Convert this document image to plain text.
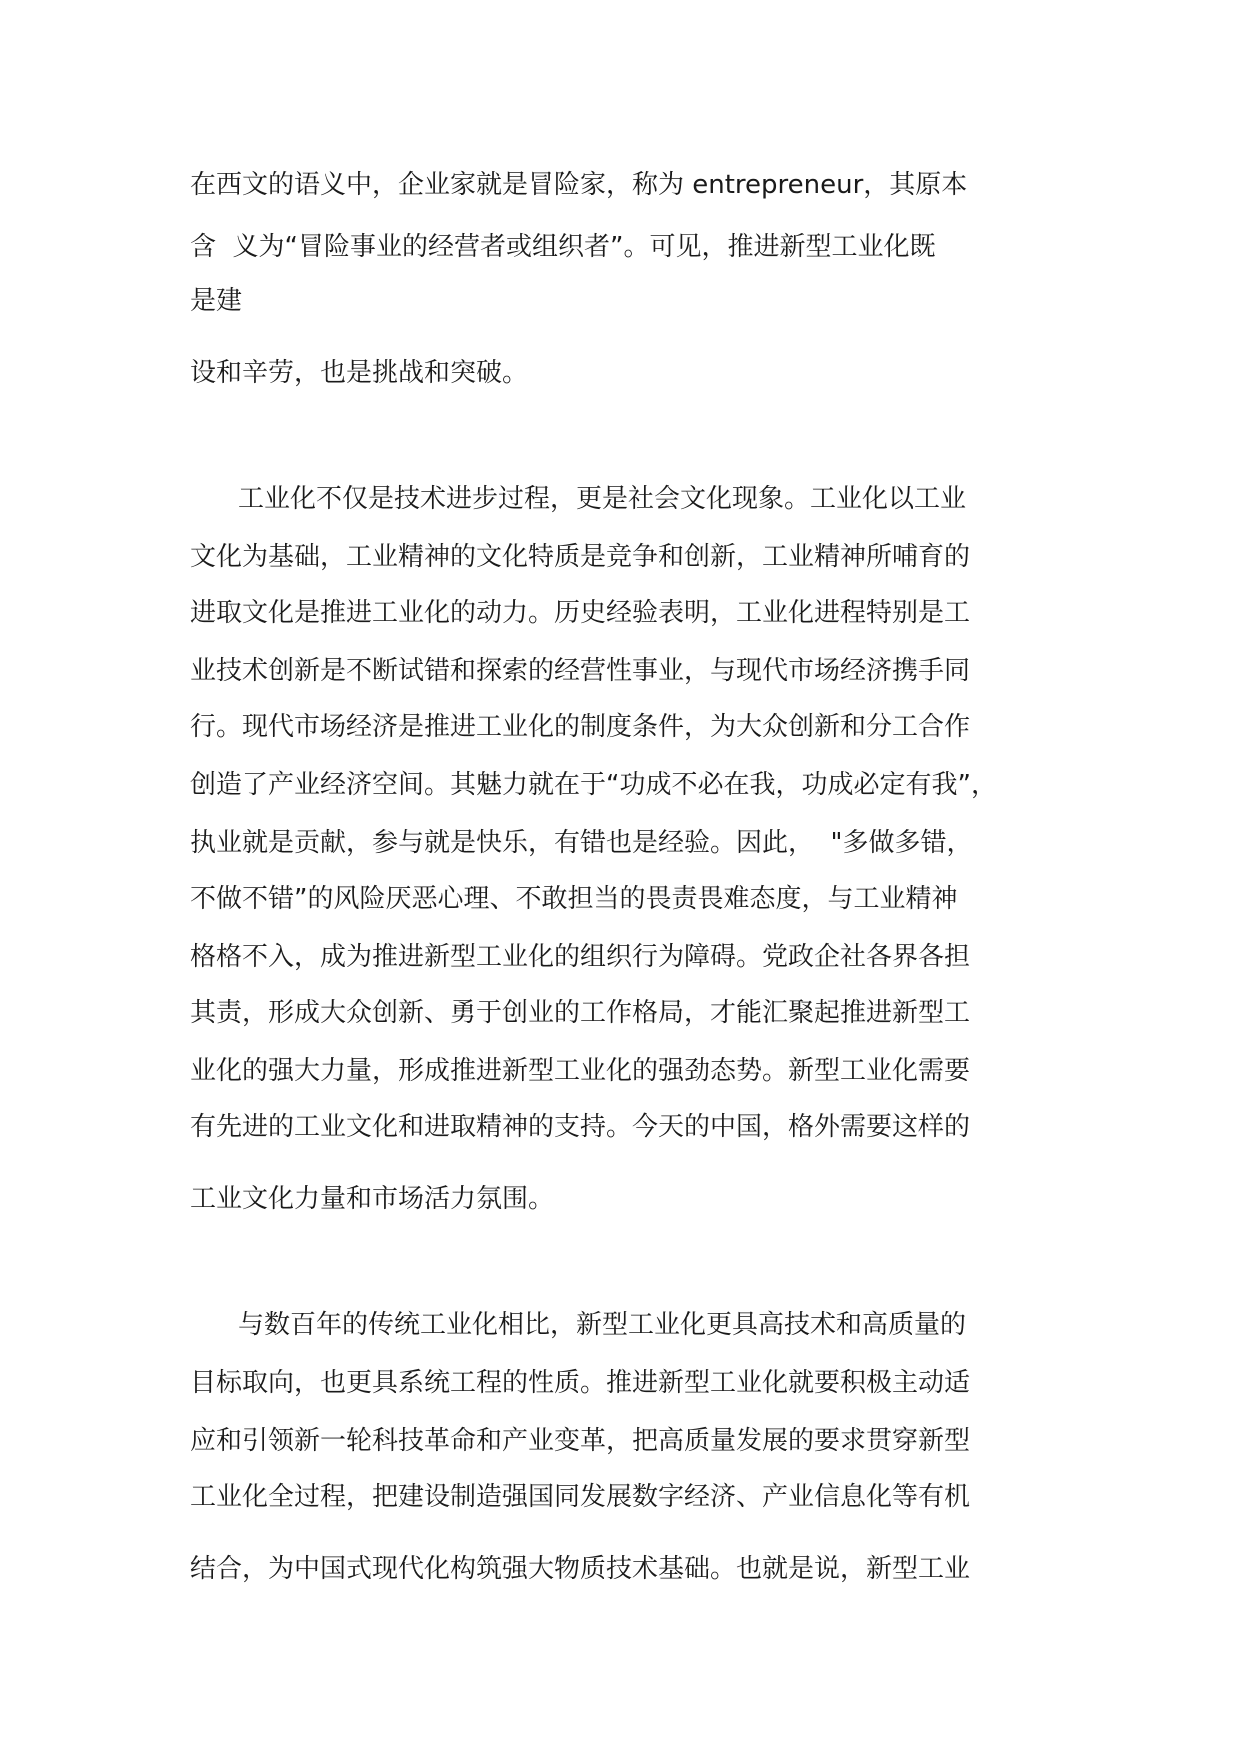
在西文的语义中，企业家就是冒险家，称为 entrepreneur，其原本
含  义为“冒险事业的经营者或组织者”。可见，推进新型工业化既
是建
设和辛劳，也是挑战和突破。
工业化不仅是技术进步过程，更是社会文化现象。工业化以工业
文化为基础，工业精神的文化特质是竞争和创新，工业精神所哺育的
进取文化是推进工业化的动力。历史经验表明，工业化进程特别是工
业技术创新是不断试错和探索的经营性事业，与现代市场经济携手同
行。现代市场经济是推进工业化的制度条件，为大众创新和分工合作
创造了产业经济空间。其魅力就在于“功成不必在我，功成必定有我”，
执业就是贡献，参与就是快乐，有错也是经验。因此，  "多做多错，
不做不错”的风险厌恶心理、不敢担当的畏责畏难态度，与工业精神
格格不入，成为推进新型工业化的组织行为障碍。党政企社各界各担
其责，形成大众创新、勇于创业的工作格局，才能汇聚起推进新型工
业化的强大力量，形成推进新型工业化的强劲态势。新型工业化需要
有先进的工业文化和进取精神的支持。今天的中国，格外需要这样的
工业文化力量和市场活力氛围。
与数百年的传统工业化相比，新型工业化更具高技术和高质量的
目标取向，也更具系统工程的性质。推进新型工业化就要积极主动适
应和引领新一轮科技革命和产业变革，把高质量发展的要求贯穿新型
工业化全过程，把建设制造强国同发展数字经济、产业信息化等有机
结合，为中国式现代化构筑强大物质技术基础。也就是说，新型工业
